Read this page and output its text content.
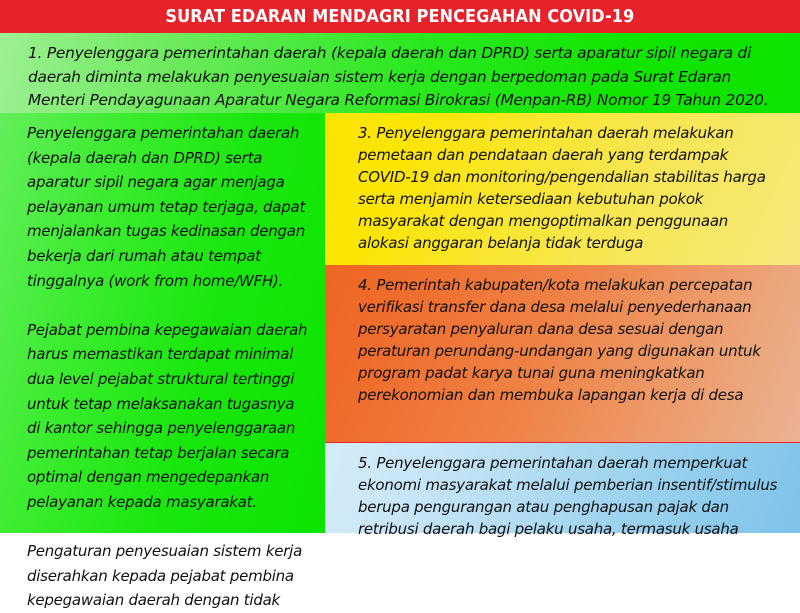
SURAT EDARAN MENDAGRI PENCEGAHAN COVID-19

1. Penyelenggara pemerintahan daerah (kepala daerah dan DPRD) serta aparatur sipil negara di daerah diminta melakukan penyesuaian sistem kerja dengan berpedoman pada Surat Edaran Menteri Pendayagunaan Aparatur Negara Reformasi Birokrasi (Menpan-RB) Nomor 19 Tahun 2020.

Penyelenggara pemerintahan daerah (kepala daerah dan DPRD) serta aparatur sipil negara agar menjaga pelayanan umum tetap terjaga, dapat menjalankan tugas kedinasan dengan bekerja dari rumah atau tempat tinggalnya (work from home/WFH).

Pejabat pembina kepegawaian daerah harus memastikan terdapat minimal dua level pejabat struktural tertinggi untuk tetap melaksanakan tugasnya di kantor sehingga penyelenggaraan pemerintahan tetap berjalan secara optimal dengan mengedepankan pelayanan kepada masyarakat.

Pengaturan penyesuaian sistem kerja diserahkan kepada pejabat pembina kepegawaian daerah dengan tidak

3. Penyelenggara pemerintahan daerah melakukan pemetaan dan pendataan daerah yang terdampak COVID-19 dan monitoring/pengendalian stabilitas harga serta menjamin ketersediaan kebutuhan pokok masyarakat dengan mengoptimalkan penggunaan alokasi anggaran belanja tidak terduga

4. Pemerintah kabupaten/kota melakukan percepatan verifikasi transfer dana desa melalui penyederhanaan persyaratan penyaluran dana desa sesuai dengan peraturan perundang-undangan yang digunakan untuk program padat karya tunai guna meningkatkan perekonomian dan membuka lapangan kerja di desa

5. Penyelenggara pemerintahan daerah memperkuat ekonomi masyarakat melalui pemberian insentif/stimulus berupa pengurangan atau penghapusan pajak dan retribusi daerah bagi pelaku usaha, termasuk usaha
